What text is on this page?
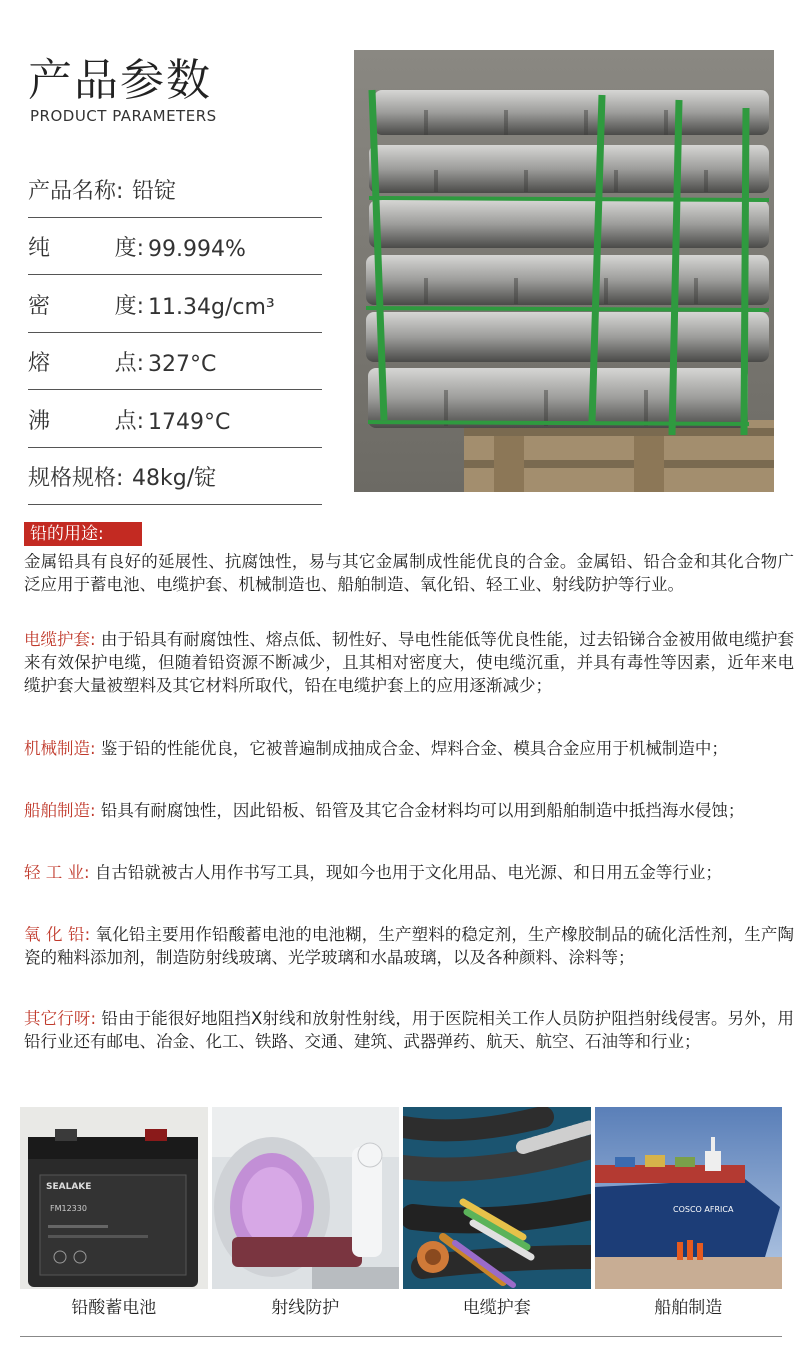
产品参数
PRODUCT PARAMETERS
产品名称: 铅锭
纯	度: 99.994%
密	度: 11.34g/cm³
熔	点: 327°C
沸	点: 1749°C
规格规格: 48kg/锭
铅的用途:
金属铅具有良好的延展性、抗腐蚀性，易与其它金属制成性能优良的合金。金属铅、铅合金和其化合物广泛应用于蓄电池、电缆护套、机械制造也、船舶制造、氧化铅、轻工业、射线防护等行业。
电缆护套: 由于铅具有耐腐蚀性、熔点低、韧性好、导电性能低等优良性能，过去铅锑合金被用做电缆护套来有效保护电缆，但随着铅资源不断减少，且其相对密度大，使电缆沉重，并具有毒性等因素，近年来电缆护套大量被塑料及其它材料所取代，铅在电缆护套上的应用逐渐减少；
机械制造: 鉴于铅的性能优良，它被普遍制成抽成合金、焊料合金、模具合金应用于机械制造中；
船舶制造: 铅具有耐腐蚀性，因此铅板、铅管及其它合金材料均可以用到船舶制造中抵挡海水侵蚀；
轻 工 业: 自古铅就被古人用作书写工具，现如今也用于文化用品、电光源、和日用五金等行业；
氧 化 铅: 氧化铅主要用作铅酸蓄电池的电池糊，生产塑料的稳定剂，生产橡胶制品的硫化活性剂，生产陶瓷的釉料添加剂，制造防射线玻璃、光学玻璃和水晶玻璃，以及各种颜料、涂料等；
其它行呀: 铅由于能很好地阻挡X射线和放射性射线，用于医院相关工作人员防护阻挡射线侵害。另外，用铅行业还有邮电、冶金、化工、铁路、交通、建筑、武器弹药、航天、航空、石油等和行业；
SEALAKE
FM12330	COSCO AFRICA
铅酸蓄电池	射线防护	电缆护套	船舶制造
